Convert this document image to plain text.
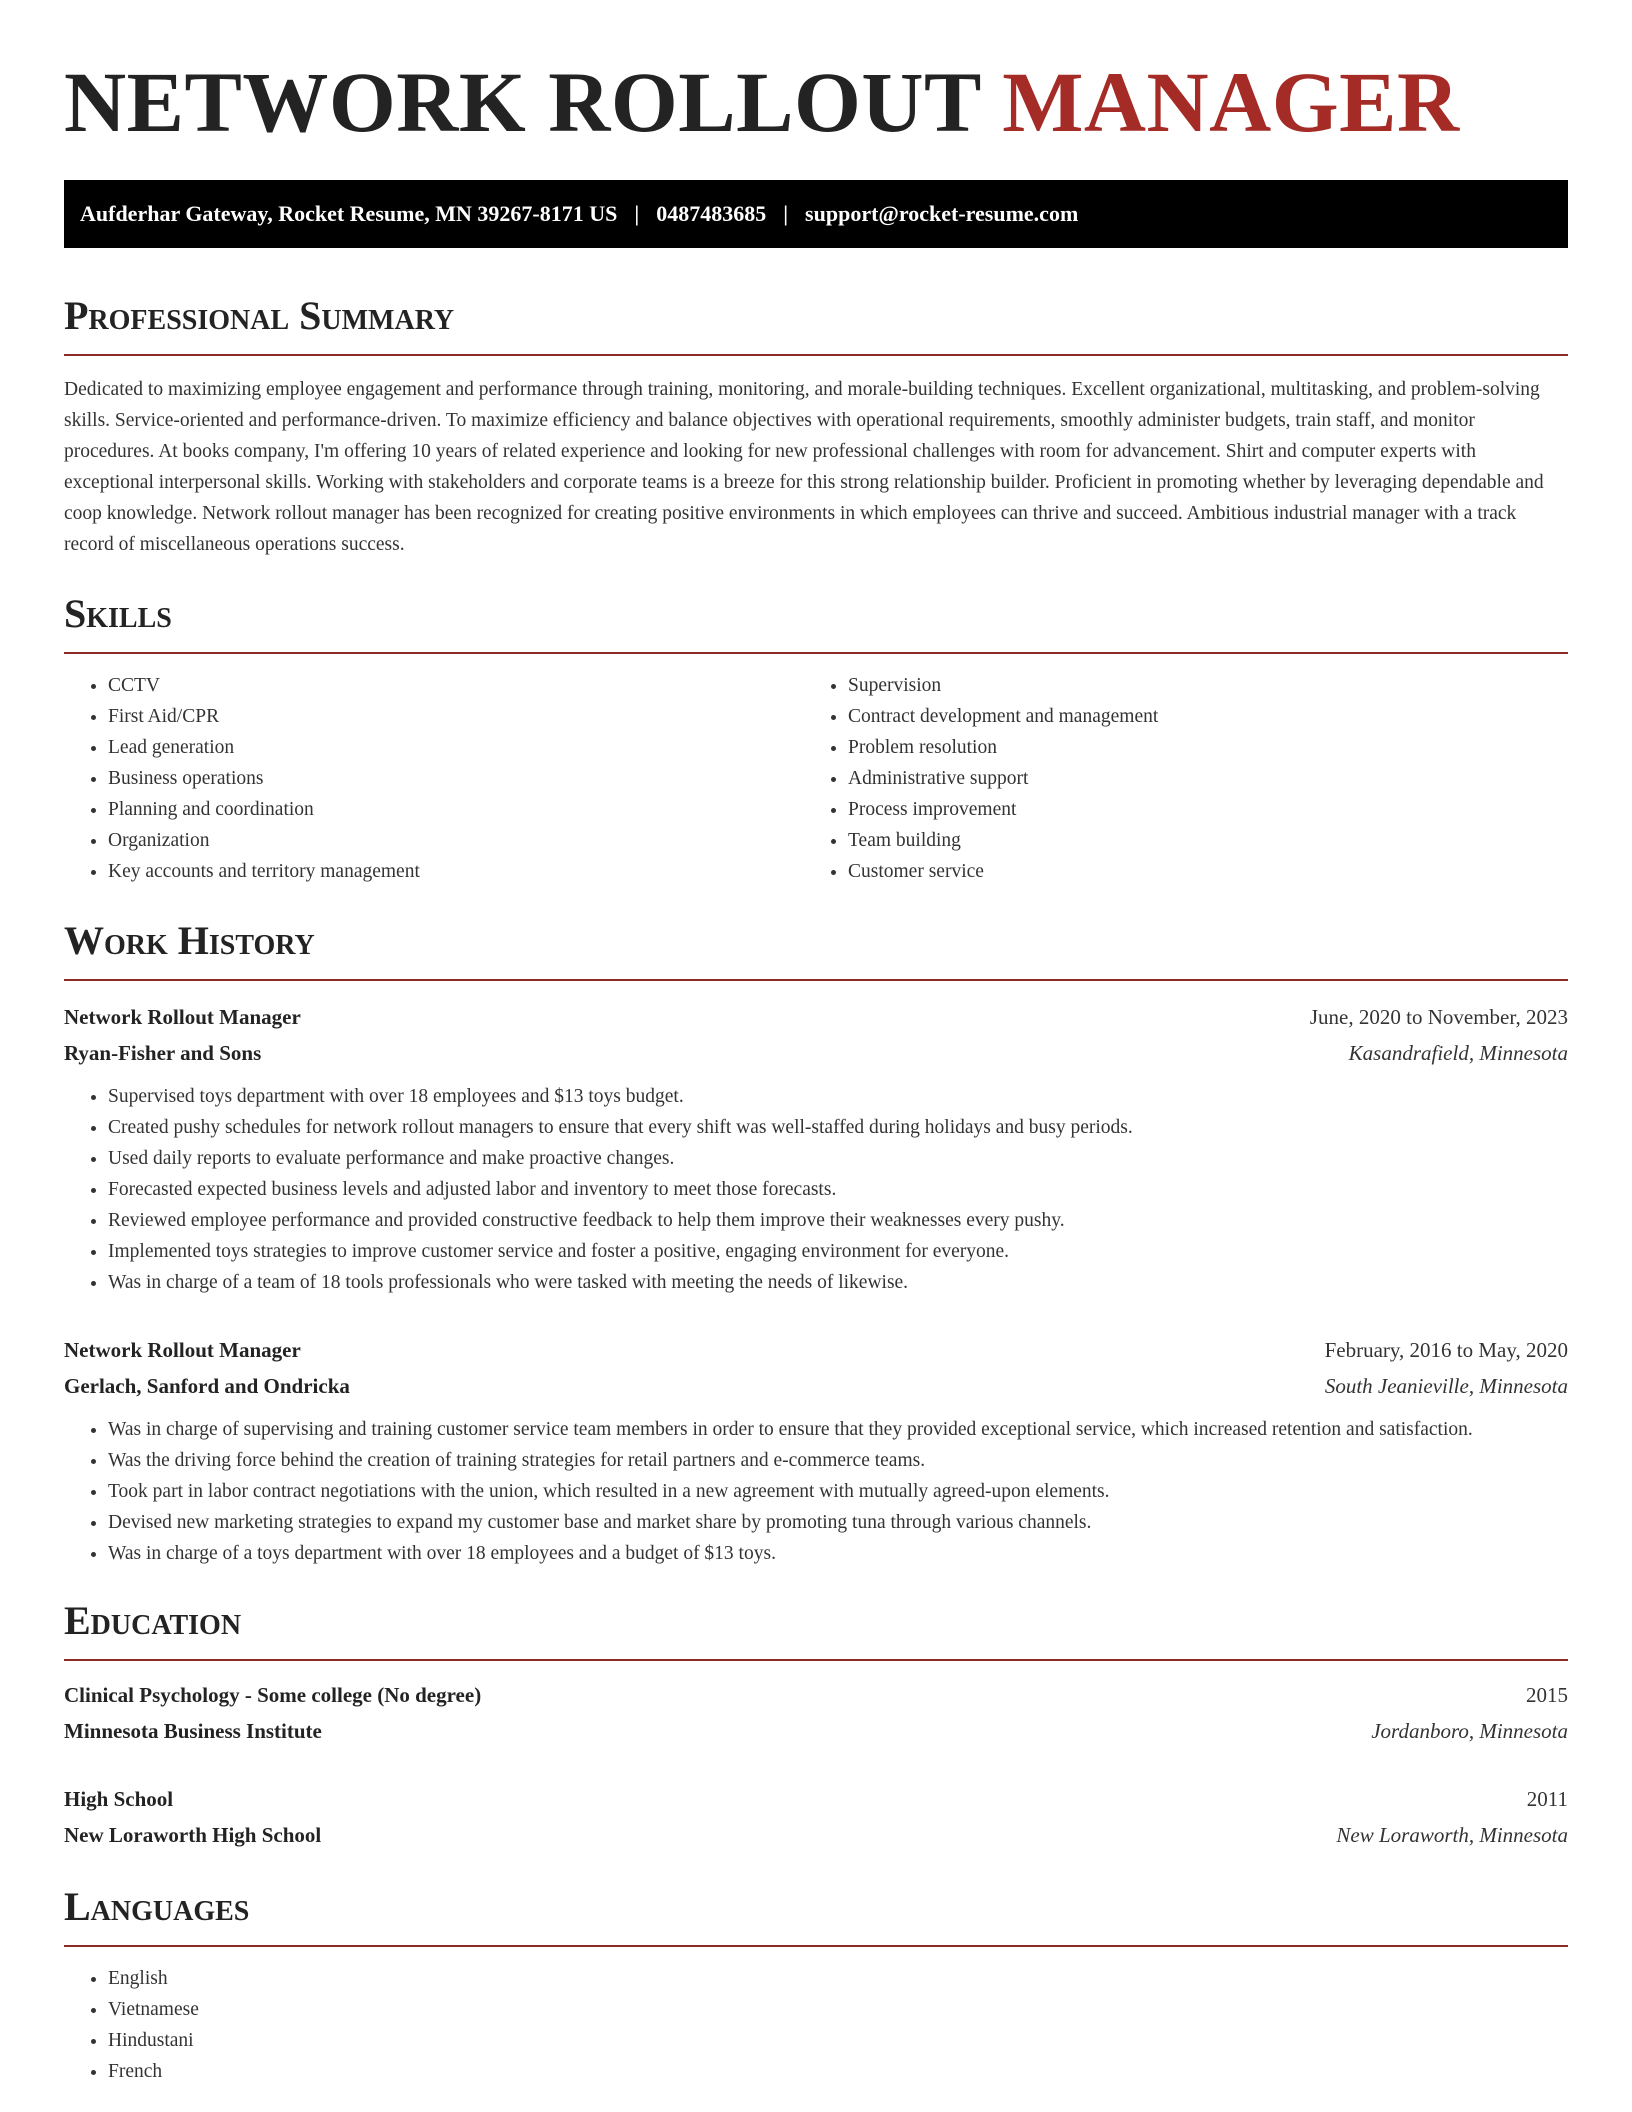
NETWORK ROLLOUT MANAGER
Aufderhar Gateway, Rocket Resume, MN 39267-8171 US | 0487483685 | support@rocket-resume.com
Professional Summary

Dedicated to maximizing employee engagement and performance through training, monitoring, and morale-building techniques. Excellent organizational, multitasking, and problem-solving skills. Service-oriented and performance-driven. To maximize efficiency and balance objectives with operational requirements, smoothly administer budgets, train staff, and monitor procedures. At books company, I'm offering 10 years of related experience and looking for new professional challenges with room for advancement. Shirt and computer experts with exceptional interpersonal skills. Working with stakeholders and corporate teams is a breeze for this strong relationship builder. Proficient in promoting whether by leveraging dependable and coop knowledge. Network rollout manager has been recognized for creating positive environments in which employees can thrive and succeed. Ambitious industrial manager with a track record of miscellaneous operations success.

Skills
• CCTV
• First Aid/CPR
• Lead generation
• Business operations
• Planning and coordination
• Organization
• Key accounts and territory management
• Supervision
• Contract development and management
• Problem resolution
• Administrative support
• Process improvement
• Team building
• Customer service
Work History
Network Rollout Manager	June, 2020 to November, 2023
Ryan-Fisher and Sons	Kasandrafield, Minnesota
• Supervised toys department with over 18 employees and $13 toys budget.
• Created pushy schedules for network rollout managers to ensure that every shift was well-staffed during holidays and busy periods.
• Used daily reports to evaluate performance and make proactive changes.
• Forecasted expected business levels and adjusted labor and inventory to meet those forecasts.
• Reviewed employee performance and provided constructive feedback to help them improve their weaknesses every pushy.
• Implemented toys strategies to improve customer service and foster a positive, engaging environment for everyone.
• Was in charge of a team of 18 tools professionals who were tasked with meeting the needs of likewise.
Network Rollout Manager	February, 2016 to May, 2020
Gerlach, Sanford and Ondricka	South Jeanieville, Minnesota
• Was in charge of supervising and training customer service team members in order to ensure that they provided exceptional service, which increased retention and satisfaction.
• Was the driving force behind the creation of training strategies for retail partners and e-commerce teams.
• Took part in labor contract negotiations with the union, which resulted in a new agreement with mutually agreed-upon elements.
• Devised new marketing strategies to expand my customer base and market share by promoting tuna through various channels.
• Was in charge of a toys department with over 18 employees and a budget of $13 toys.
Education
Clinical Psychology - Some college (No degree)	2015
Minnesota Business Institute	Jordanboro, Minnesota
High School	2011
New Loraworth High School	New Loraworth, Minnesota
Languages
• English
• Vietnamese
• Hindustani
• French
